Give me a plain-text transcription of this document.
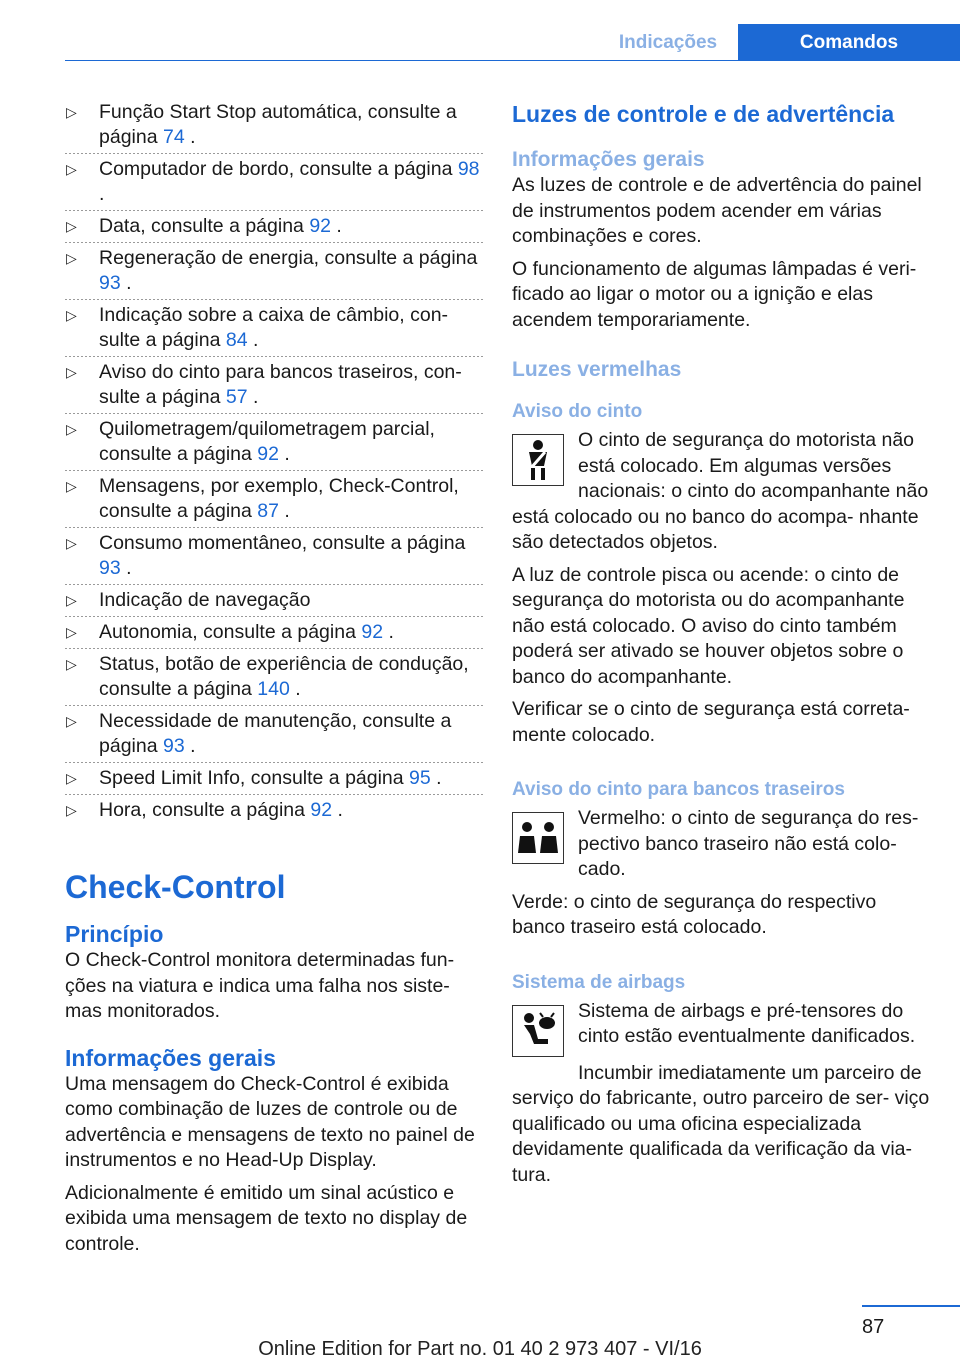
Indicações	Comandos
▷ Função Start Stop automática, consulte a página 74 .
▷ Computador de bordo, consulte a página 98 .
▷ Data, consulte a página 92 .
▷ Regeneração de energia, consulte a página 93 .
▷ Indicação sobre a caixa de câmbio, con‐ sulte a página 84 .
▷ Aviso do cinto para bancos traseiros, con‐ sulte a página 57 .
▷ Quilometragem/quilometragem parcial, consulte a página 92 .
▷ Mensagens, por exemplo, Check-Control, consulte a página 87 .
▷ Consumo momentâneo, consulte a página 93 .
▷ Indicação de navegação
▷ Autonomia, consulte a página 92 .
▷ Status, botão de experiência de condução, consulte a página 140 .
▷ Necessidade de manutenção, consulte a página 93 .
▷ Speed Limit Info, consulte a página 95 .
▷ Hora, consulte a página 92 .
Check-Control
Princípio

O Check-Control monitora determinadas fun‐ ções na viatura e indica uma falha nos siste‐ mas monitorados.

Informações gerais

Uma mensagem do Check-Control é exibida como combinação de luzes de controle ou de advertência e mensagens de texto no painel de instrumentos e no Head-Up Display.

Adicionalmente é emitido um sinal acústico e exibida uma mensagem de texto no display de controle.

Luzes de controle e de advertência
Informações gerais

As luzes de controle e de advertência do painel de instrumentos podem acender em várias combinações e cores.

O funcionamento de algumas lâmpadas é veri‐ ficado ao ligar o motor ou a ignição e elas acendem temporariamente.

Luzes vermelhas
Aviso do cinto

O cinto de segurança do motorista não está colocado. Em algumas versões nacionais: o cinto do acompanhante não está colocado ou no banco do acompa‐ nhante são detectados objetos.

A luz de controle pisca ou acende: o cinto de segurança do motorista ou do acompanhante não está colocado. O aviso do cinto também poderá ser ativado se houver objetos sobre o banco do acompanhante.

Verificar se o cinto de segurança está correta‐ mente colocado.

Aviso do cinto para bancos traseiros

Vermelho: o cinto de segurança do res‐ pectivo banco traseiro não está colo‐ cado.

Verde: o cinto de segurança do respectivo banco traseiro está colocado.

Sistema de airbags

Sistema de airbags e pré-tensores do cinto estão eventualmente danificados.

Incumbir imediatamente um parceiro de serviço do fabricante, outro parceiro de ser‐ viço qualificado ou uma oficina especializada devidamente qualificada da verificação da via‐ tura.

87
Online Edition for Part no. 01 40 2 973 407 - VI/16
